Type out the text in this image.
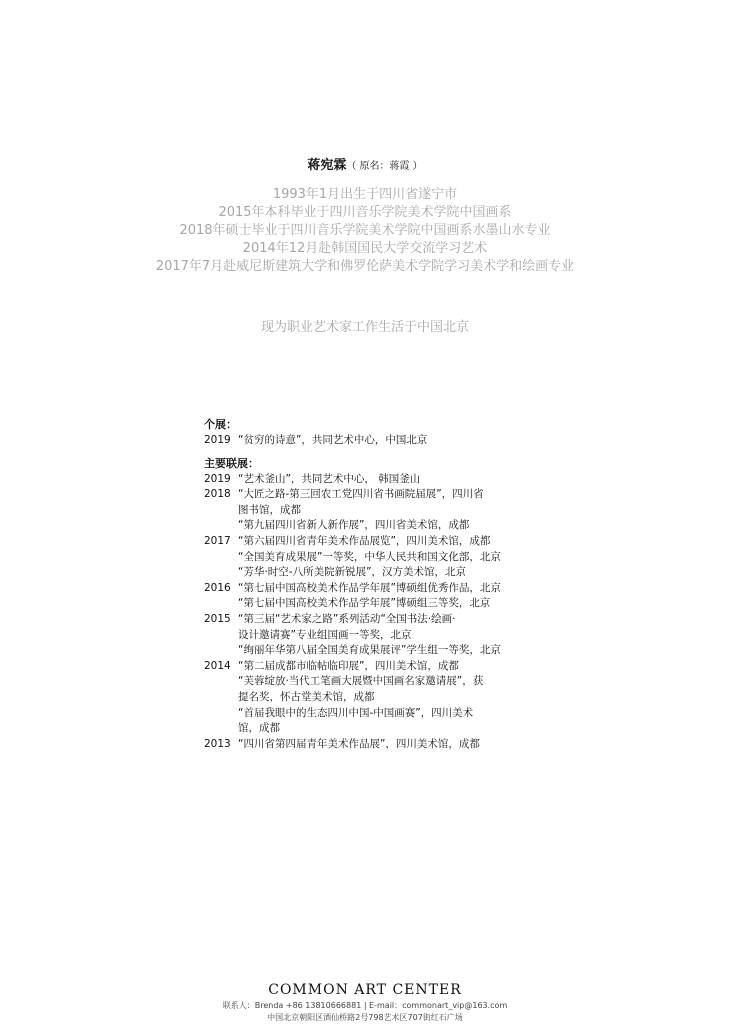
蒋宛霖（ 原名：蒋霞 ）
1993年1月出生于四川省遂宁市
2015年本科毕业于四川音乐学院美术学院中国画系
2018年硕士毕业于四川音乐学院美术学院中国画系水墨山水专业
2014年12月赴韩国国民大学交流学习艺术
2017年7月赴威尼斯建筑大学和佛罗伦萨美术学院学习美术学和绘画专业
现为职业艺术家工作生活于中国北京
个展：
2019 “贫穷的诗意”，共同艺术中心，中国北京
主要联展：
2019 “艺术釜山”，共同艺术中心， 韩国釜山
2018 “大匠之路-第三回农工党四川省书画院届展”，四川省
图书馆，成都
“第九届四川省新人新作展”，四川省美术馆，成都
2017 “第六届四川省青年美术作品展览”，四川美术馆，成都
“全国美育成果展”一等奖，中华人民共和国文化部，北京
“芳华·时空-八所美院新锐展”，汉方美术馆，北京
2016 “第七届中国高校美术作品学年展”博硕组优秀作品，北京
“第七届中国高校美术作品学年展”博硕组三等奖，北京
2015 “第三届“艺术家之路”系列活动“全国书法·绘画·
设计邀请赛”专业组国画一等奖，北京
“绚丽年华第八届全国美育成果展评”学生组一等奖，北京
2014 “第二届成都市临帖临印展”，四川美术馆，成都
“芙蓉绽放·当代工笔画大展暨中国画名家邀请展”，获
提名奖，怀古堂美术馆，成都
“首届我眼中的生态四川中国-中国画赛”，四川美术
馆，成都
2013 “四川省第四届青年美术作品展”，四川美术馆，成都
COMMON ART CENTER
联系人：Brenda +86 13810666881 | E-mail：commonart_vip@163.com
中国北京朝阳区酒仙桥路2号798艺术区707街红石广场
